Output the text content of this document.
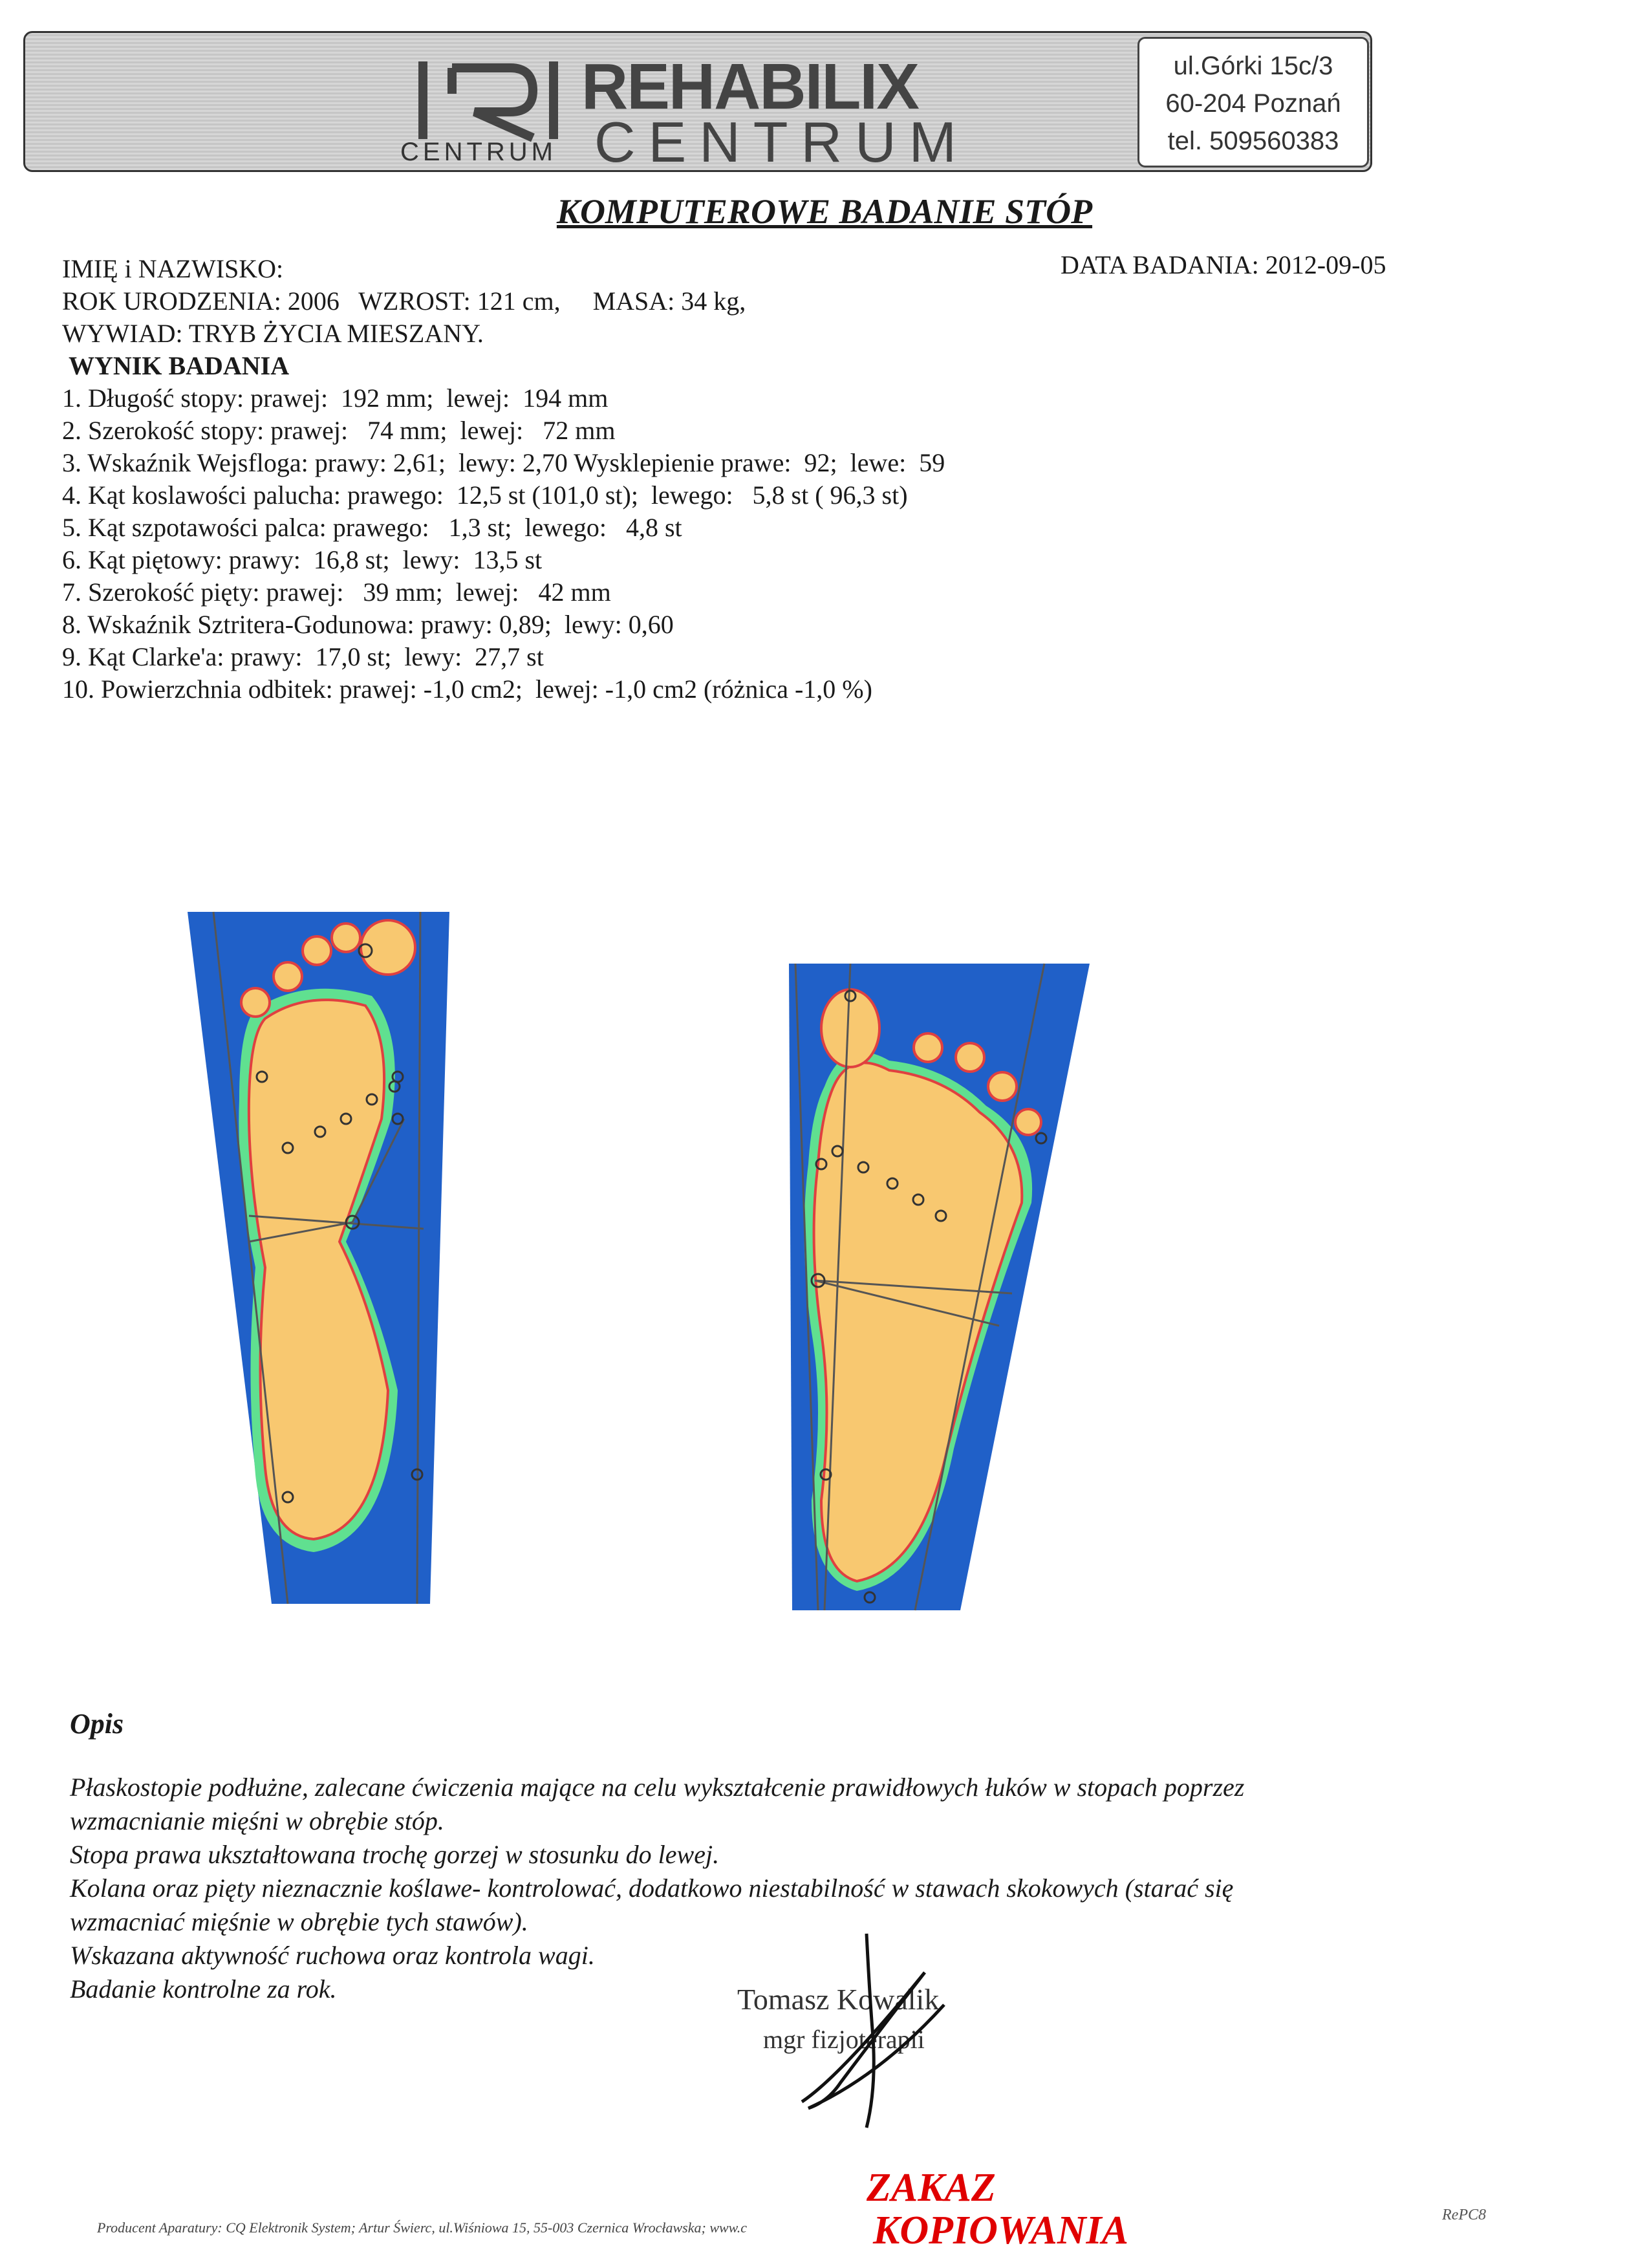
CENTRUM
REHABILIX
CENTRUM
ul.Górki 15c/3
60-204 Poznań
tel. 509560383
KOMPUTEROWE BADANIE STÓP
IMIĘ i NAZWISKO:	DATA BADANIA: 2012-09-05
ROK URODZENIA: 2006   WZROST: 121 cm,     MASA: 34 kg,
WYWIAD: TRYB ŻYCIA MIESZANY.
WYNIK BADANIA
1. Długość stopy: prawej:  192 mm;  lewej:  194 mm
2. Szerokość stopy: prawej:   74 mm;  lewej:   72 mm
3. Wskaźnik Wejsfloga: prawy: 2,61;  lewy: 2,70 Wysklepienie prawe:  92;  lewe:  59
4. Kąt koslawości palucha: prawego:  12,5 st (101,0 st);  lewego:   5,8 st ( 96,3 st)
5. Kąt szpotawości palca: prawego:   1,3 st;  lewego:   4,8 st
6. Kąt piętowy: prawy:  16,8 st;  lewy:  13,5 st
7. Szerokość pięty: prawej:   39 mm;  lewej:   42 mm
8. Wskaźnik Sztritera-Godunowa: prawy: 0,89;  lewy: 0,60
9. Kąt Clarke'a: prawy:  17,0 st;  lewy:  27,7 st
10. Powierzchnia odbitek: prawej: -1,0 cm2;  lewej: -1,0 cm2 (różnica -1,0 %)
Opis
Płaskostopie podłużne, zalecane ćwiczenia mające na celu wykształcenie prawidłowych łuków w stopach poprzez
wzmacnianie mięśni w obrębie stóp.
Stopa prawa ukształtowana trochę gorzej w stosunku do lewej.
Kolana oraz pięty nieznacznie koślawe- kontrolować, dodatkowo niestabilność w stawach skokowych (starać się
wzmacniać mięśnie w obrębie tych stawów).
Wskazana aktywność ruchowa oraz kontrola wagi.
Badanie kontrolne za rok.	Tomasz Kowalik
mgr fizjoterapii
ZAKAZ
KOPIOWANIA
Producent Aparatury: CQ Elektronik System; Artur Świerc, ul.Wiśniowa 15, 55-003 Czernica Wrocławska; www.c
RePC8
